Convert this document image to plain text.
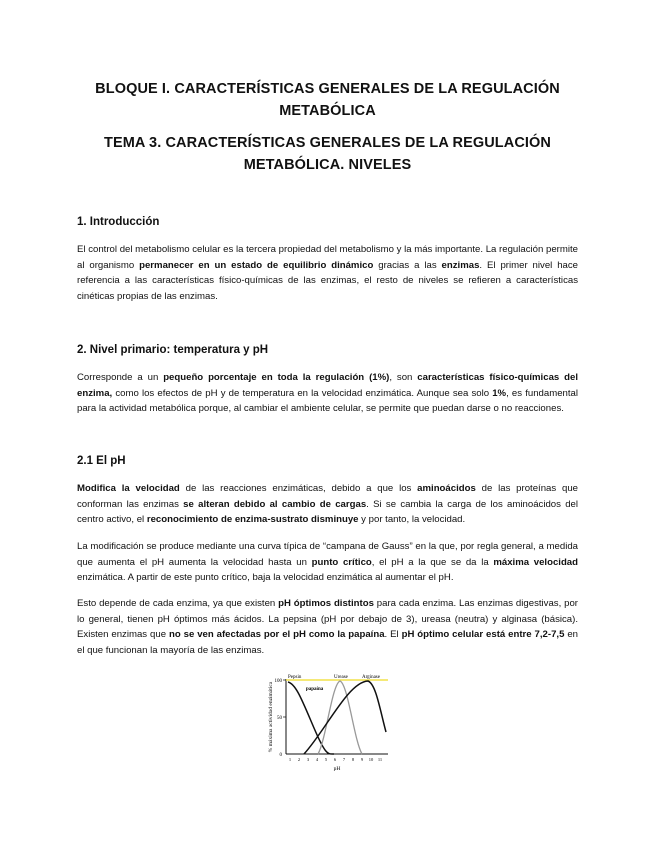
BLOQUE I. CARACTERÍSTICAS GENERALES DE LA REGULACIÓN METABÓLICA
TEMA 3. CARACTERÍSTICAS GENERALES DE LA REGULACIÓN METABÓLICA. NIVELES
1. Introducción

El control del metabolismo celular es la tercera propiedad del metabolismo y la más importante. La regulación permite al organismo permanecer en un estado de equilibrio dinámico gracias a las enzimas. El primer nivel hace referencia a las características físico-químicas de las enzimas, el resto de niveles se refieren a características cinéticas propias de las enzimas.

2. Nivel primario: temperatura y pH

Corresponde a un pequeño porcentaje en toda la regulación (1%), son características físico-químicas del enzima, como los efectos de pH y de temperatura en la velocidad enzimática. Aunque sea solo 1%, es fundamental para la actividad metabólica porque, al cambiar el ambiente celular, se permite que puedan darse o no reacciones.

2.1 El pH

Modifica la velocidad de las reacciones enzimáticas, debido a que los aminoácidos de las proteínas que conforman las enzimas se alteran debido al cambio de cargas. Si se cambia la carga de los aminoácidos del centro activo, el reconocimiento de enzima-sustrato disminuye y por tanto, la velocidad.

La modificación se produce mediante una curva típica de “campana de Gauss” en la que, por regla general, a medida que aumenta el pH aumenta la velocidad hasta un punto crítico, el pH a la que se da la máxima velocidad enzimática. A partir de este punto crítico, baja la velocidad enzimática al aumentar el pH.

Esto depende de cada enzima, ya que existen pH óptimos distintos para cada enzima. Las enzimas digestivas, por lo general, tienen pH óptimos más ácidos. La pepsina (pH por debajo de 3), ureasa (neutra) y alginasa (básica). Existen enzimas que no se ven afectadas por el pH como la papaína. El pH óptimo celular está entre 7,2-7,5 en el que funcionan la mayoría de las enzimas.

100
50
0
% máxima actividad enzimática
Pepsin
papaína
Urease	Arginase
1 2 3 4 5 6 7 8 9 10 11
pH
